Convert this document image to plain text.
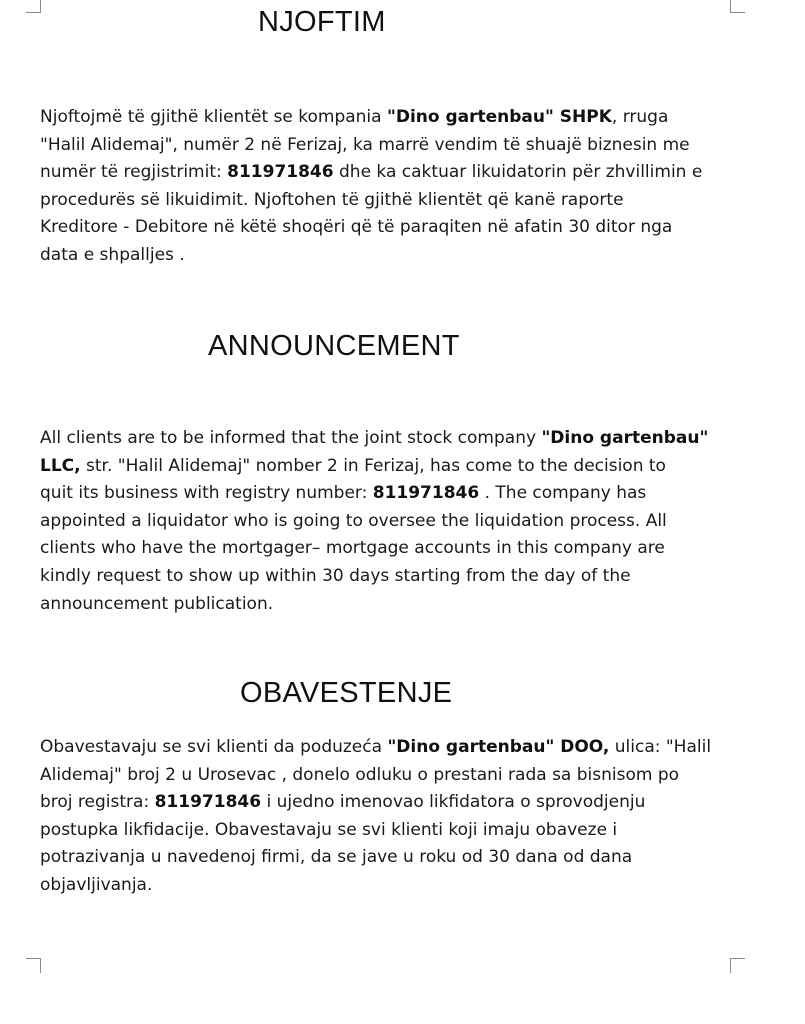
NJOFTIM

Njoftojmë të gjithë klientët se kompania "Dino gartenbau" SHPK, rruga
"Halil Alidemaj", numër 2 në Ferizaj, ka marrë vendim të shuajë biznesin me
numër të regjistrimit: 811971846 dhe ka caktuar likuidatorin për zhvillimin e
procedurës së likuidimit. Njoftohen të gjithë klientët që kanë raporte
Kreditore - Debitore në këtë shoqëri që të paraqiten në afatin 30 ditor nga
data e shpalljes .

ANNOUNCEMENT

All clients are to be informed that the joint stock company "Dino gartenbau"
LLC, str. "Halil Alidemaj" nomber 2 in Ferizaj, has come to the decision to
quit its business with registry number: 811971846 . The company has
appointed a liquidator who is going to oversee the liquidation process. All
clients who have the mortgager– mortgage accounts in this company are
kindly request to show up within 30 days starting from the day of the
announcement publication.

OBAVESTENJE

Obavestavaju se svi klienti da poduzeća "Dino gartenbau" DOO, ulica: "Halil
Alidemaj" broj 2 u Urosevac , donelo odluku o prestani rada sa bisnisom po
broj registra: 811971846 i ujedno imenovao likfidatora o sprovodjenju
postupka likfidacije. Obavestavaju se svi klienti koji imaju obaveze i
potrazivanja u navedenoj firmi, da se jave u roku od 30 dana od dana
objavljivanja.
